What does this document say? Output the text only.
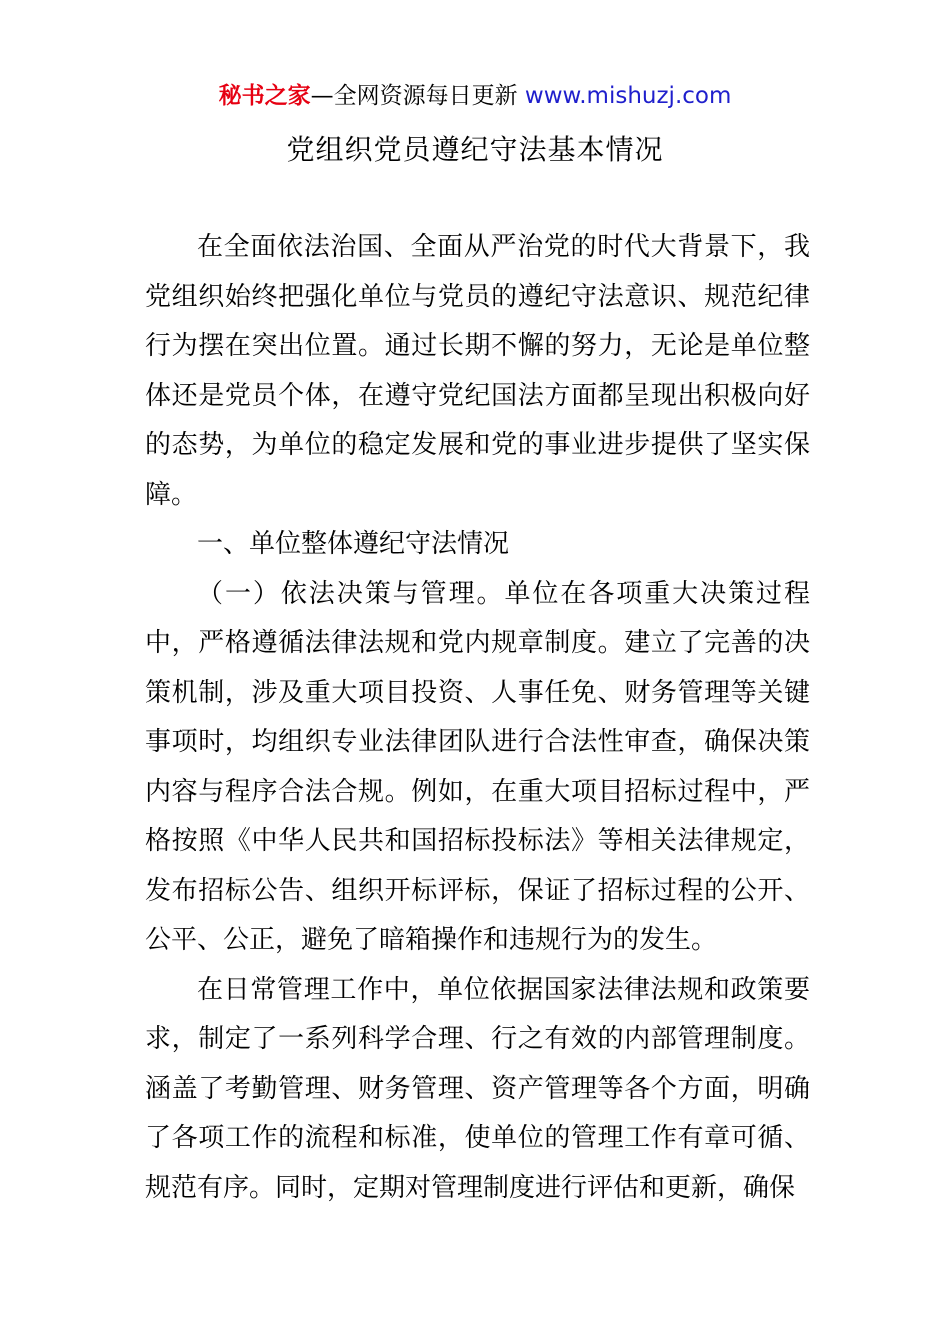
秘书之家—全网资源每日更新 www.mishuzj.com
党组织党员遵纪守法基本情况

在全面依法治国、全面从严治党的时代大背景下，我党组织始终把强化单位与党员的遵纪守法意识、规范纪律行为摆在突出位置。通过长期不懈的努力，无论是单位整体还是党员个体，在遵守党纪国法方面都呈现出积极向好的态势，为单位的稳定发展和党的事业进步提供了坚实保障。

一、单位整体遵纪守法情况

（一）依法决策与管理。单位在各项重大决策过程中，严格遵循法律法规和党内规章制度。建立了完善的决策机制，涉及重大项目投资、人事任免、财务管理等关键事项时，均组织专业法律团队进行合法性审查，确保决策内容与程序合法合规。例如，在重大项目招标过程中，严格按照《中华人民共和国招标投标法》等相关法律规定，发布招标公告、组织开标评标，保证了招标过程的公开、公平、公正，避免了暗箱操作和违规行为的发生。

在日常管理工作中，单位依据国家法律法规和政策要求，制定了一系列科学合理、行之有效的内部管理制度。涵盖了考勤管理、财务管理、资产管理等各个方面，明确了各项工作的流程和标准，使单位的管理工作有章可循、规范有序。同时，定期对管理制度进行评估和更新，确保
